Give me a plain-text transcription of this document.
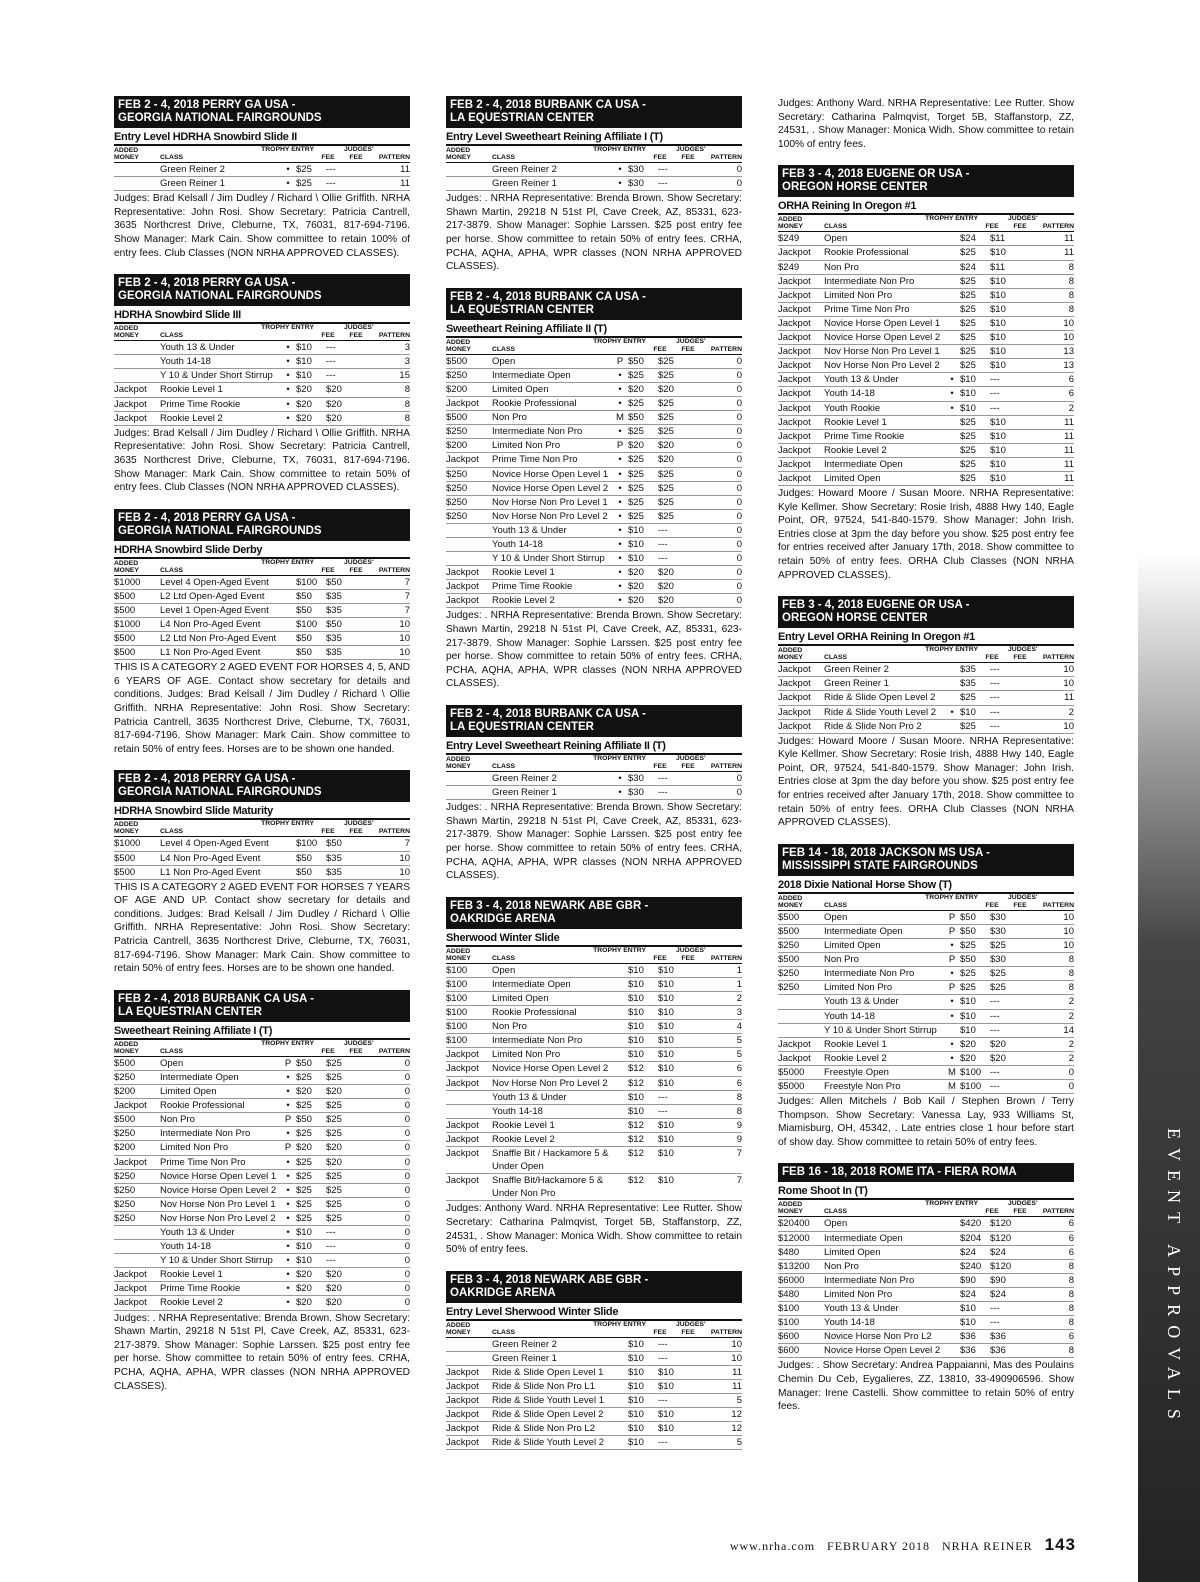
FEB 2 - 4, 2018 PERRY GA USA -
GEORGIA NATIONAL FAIRGROUNDS
Entry Level HDRHA Snowbird Slide II
ADDED
MONEY	CLASS
TROPHY ENTRY
FEE
JUDGES'
FEE	PATTERN
Green Reiner 2	• $25	---	11
Green Reiner 1	• $25	---	11
Judges: Brad Kelsall / Jim Dudley / Richard \ Ollie Griffith. NRHA Representative: John Rosi. Show Secretary: Patricia Cantrell, 3635 Northcrest Drive, Cleburne, TX, 76031, 817-694-7196. Show Manager: Mark Cain. Show committee to retain 100% of entry fees. Club Classes (NON NRHA APPROVED CLASSES).
FEB 2 - 4, 2018 PERRY GA USA -
GEORGIA NATIONAL FAIRGROUNDS
HDRHA Snowbird Slide III
ADDED
MONEY	CLASS
TROPHY ENTRY
FEE
JUDGES'
FEE	PATTERN
Youth 13 & Under	• $10	---	3
Youth 14-18	• $10	---	3
Y 10 & Under Short Stirrup	• $10	---	15
Jackpot	Rookie Level 1	• $20	$20	8
Jackpot	Prime Time Rookie	• $20	$20	8
Jackpot	Rookie Level 2	• $20	$20	8
Judges: Brad Kelsall / Jim Dudley / Richard \ Ollie Griffith. NRHA Representative: John Rosi. Show Secretary: Patricia Cantrell, 3635 Northcrest Drive, Cleburne, TX, 76031, 817-694-7196. Show Manager: Mark Cain. Show committee to retain 50% of entry fees. Club Classes (NON NRHA APPROVED CLASSES).
FEB 2 - 4, 2018 PERRY GA USA -
GEORGIA NATIONAL FAIRGROUNDS
HDRHA Snowbird Slide Derby
ADDED
MONEY	CLASS
TROPHY ENTRY
FEE
JUDGES'
FEE	PATTERN
$1000	Level 4 Open-Aged Event	$100 $50	7
$500	L2 Ltd Open-Aged Event	$50	$35	7
$500	Level 1 Open-Aged Event	$50	$35	7
$1000	L4 Non Pro-Aged Event	$100 $50	10
$500	L2 Ltd Non Pro-Aged Event	$50	$35	10
$500	L1 Non Pro-Aged Event	$50	$35	10
THIS IS A CATEGORY 2 AGED EVENT FOR HORSES 4, 5, AND 6 YEARS OF AGE. Contact show secretary for details and conditions. Judges: Brad Kelsall / Jim Dudley / Richard \ Ollie Griffith. NRHA Representative: John Rosi. Show Secretary: Patricia Cantrell, 3635 Northcrest Drive, Cleburne, TX, 76031, 817-694-7196. Show Manager: Mark Cain. Show committee to retain 50% of entry fees. Horses are to be shown one handed.
FEB 2 - 4, 2018 PERRY GA USA -
GEORGIA NATIONAL FAIRGROUNDS
HDRHA Snowbird Slide Maturity
ADDED
MONEY	CLASS
TROPHY ENTRY
FEE
JUDGES'
FEE	PATTERN
$1000	Level 4 Open-Aged Event	$100 $50	7
$500	L4 Non Pro-Aged Event	$50	$35	10
$500	L1 Non Pro-Aged Event	$50	$35	10
THIS IS A CATEGORY 2 AGED EVENT FOR HORSES 7 YEARS OF AGE AND UP. Contact show secretary for details and conditions. Judges: Brad Kelsall / Jim Dudley / Richard \ Ollie Griffith. NRHA Representative: John Rosi. Show Secretary: Patricia Cantrell, 3635 Northcrest Drive, Cleburne, TX, 76031, 817-694-7196. Show Manager: Mark Cain. Show committee to retain 50% of entry fees. Horses are to be shown one handed.
FEB 2 - 4, 2018 BURBANK CA USA -
LA EQUESTRIAN CENTER
Sweetheart Reining Affiliate I (T)
ADDED
MONEY	CLASS
TROPHY ENTRY
FEE
JUDGES'
FEE	PATTERN
$500	Open	P $50	$25	0
$250	Intermediate Open	• $25	$25	0
$200	Limited Open	• $20	$20	0
Jackpot	Rookie Professional	• $25	$25	0
$500	Non Pro	P $50	$25	0
$250	Intermediate Non Pro	• $25	$25	0
$200	Limited Non Pro	P $20	$20	0
Jackpot	Prime Time Non Pro	• $25	$20	0
$250	Novice Horse Open Level 1	• $25	$25	0
$250	Novice Horse Open Level 2	• $25	$25	0
$250	Nov Horse Non Pro Level 1	• $25	$25	0
$250	Nov Horse Non Pro Level 2	• $25	$25	0
Youth 13 & Under	• $10	---	0
Youth 14-18	• $10	---	0
Y 10 & Under Short Stirrup	• $10	---	0
Jackpot	Rookie Level 1	• $20	$20	0
Jackpot	Prime Time Rookie	• $20	$20	0
Jackpot	Rookie Level 2	• $20	$20	0
Judges: . NRHA Representative: Brenda Brown. Show Secretary: Shawn Martin, 29218 N 51st Pl, Cave Creek, AZ, 85331, 623-217-3879. Show Manager: Sophie Larssen. $25 post entry fee per horse. Show committee to retain 50% of entry fees. CRHA, PCHA, AQHA, APHA, WPR classes (NON NRHA APPROVED CLASSES).
FEB 2 - 4, 2018 BURBANK CA USA -
LA EQUESTRIAN CENTER
Entry Level Sweetheart Reining Affiliate I (T)
ADDED
MONEY	CLASS
TROPHY ENTRY
FEE
JUDGES'
FEE	PATTERN
Green Reiner 2	• $30	---	0
Green Reiner 1	• $30	---	0
Judges: . NRHA Representative: Brenda Brown. Show Secretary: Shawn Martin, 29218 N 51st Pl, Cave Creek, AZ, 85331, 623-217-3879. Show Manager: Sophie Larssen. $25 post entry fee per horse. Show committee to retain 50% of entry fees. CRHA, PCHA, AQHA, APHA, WPR classes (NON NRHA APPROVED CLASSES).
FEB 2 - 4, 2018 BURBANK CA USA -
LA EQUESTRIAN CENTER
Sweetheart Reining Affiliate II (T)
ADDED
MONEY	CLASS
TROPHY ENTRY
FEE
JUDGES'
FEE	PATTERN
$500	Open	P $50	$25	0
$250	Intermediate Open	• $25	$25	0
$200	Limited Open	• $20	$20	0
Jackpot	Rookie Professional	• $25	$25	0
$500	Non Pro	M $50	$25	0
$250	Intermediate Non Pro	• $25	$25	0
$200	Limited Non Pro	P $20	$20	0
Jackpot	Prime Time Non Pro	• $25	$20	0
$250	Novice Horse Open Level 1	• $25	$25	0
$250	Novice Horse Open Level 2	• $25	$25	0
$250	Nov Horse Non Pro Level 1	• $25	$25	0
$250	Nov Horse Non Pro Level 2	• $25	$25	0
Youth 13 & Under	• $10	---	0
Youth 14-18	• $10	---	0
Y 10 & Under Short Stirrup	• $10	---	0
Jackpot	Rookie Level 1	• $20	$20	0
Jackpot	Prime Time Rookie	• $20	$20	0
Jackpot	Rookie Level 2	• $20	$20	0
Judges: . NRHA Representative: Brenda Brown. Show Secretary: Shawn Martin, 29218 N 51st Pl, Cave Creek, AZ, 85331, 623-217-3879. Show Manager: Sophie Larssen. $25 post entry fee per horse. Show committee to retain 50% of entry fees. CRHA, PCHA, AQHA, APHA, WPR classes (NON NRHA APPROVED CLASSES).
FEB 2 - 4, 2018 BURBANK CA USA -
LA EQUESTRIAN CENTER
Entry Level Sweetheart Reining Affiliate II (T)
ADDED
MONEY	CLASS
TROPHY ENTRY
FEE
JUDGES'
FEE	PATTERN
Green Reiner 2	• $30	---	0
Green Reiner 1	• $30	---	0
Judges: . NRHA Representative: Brenda Brown. Show Secretary: Shawn Martin, 29218 N 51st Pl, Cave Creek, AZ, 85331, 623-217-3879. Show Manager: Sophie Larssen. $25 post entry fee per horse. Show committee to retain 50% of entry fees. CRHA, PCHA, AQHA, APHA, WPR classes (NON NRHA APPROVED CLASSES).
FEB 3 - 4, 2018 NEWARK ABE GBR -
OAKRIDGE ARENA
Sherwood Winter Slide
ADDED
MONEY	CLASS
TROPHY ENTRY
FEE
JUDGES'
FEE	PATTERN
$100	Open	$10	$10	1
$100	Intermediate Open	$10	$10	1
$100	Limited Open	$10	$10	2
$100	Rookie Professional	$10	$10	3
$100	Non Pro	$10	$10	4
$100	Intermediate Non Pro	$10	$10	5
Jackpot	Limited Non Pro	$10	$10	5
Jackpot	Novice Horse Open Level 2	$12	$10	6
Jackpot	Nov Horse Non Pro Level 2	$12	$10	6
Youth 13 & Under	$10	---	8
Youth 14-18	$10	---	8
Jackpot	Rookie Level 1	$12	$10	9
Jackpot	Rookie Level 2	$12	$10	9
Jackpot	Snaffle Bit / Hackamore 5 & Under Open
$12	$10	7
Jackpot	Snaffle Bit/Hackamore 5 & Under Non Pro
$12	$10	7
Judges: Anthony Ward. NRHA Representative: Lee Rutter. Show Secretary: Catharina Palmqvist, Torget 5B, Staffanstorp, ZZ, 24531, . Show Manager: Monica Widh. Show committee to retain 50% of entry fees.
FEB 3 - 4, 2018 NEWARK ABE GBR -
OAKRIDGE ARENA
Entry Level Sherwood Winter Slide
ADDED
MONEY	CLASS
TROPHY ENTRY
FEE
JUDGES'
FEE	PATTERN
Green Reiner 2	$10	---	10
Green Reiner 1	$10	---	10
Jackpot	Ride & Slide Open Level 1	$10	$10	11
Jackpot	Ride & Slide Non Pro L1	$10	$10	11
Jackpot	Ride & Slide Youth Level 1	$10	---	5
Jackpot	Ride & Slide Open Level 2	$10	$10	12
Jackpot	Ride & Slide Non Pro L2	$10	$10	12
Jackpot	Ride & Slide Youth Level 2	$10	---	5
Judges: Anthony Ward. NRHA Representative: Lee Rutter. Show Secretary: Catharina Palmqvist, Torget 5B, Staffanstorp, ZZ, 24531, . Show Manager: Monica Widh. Show committee to retain 100% of entry fees.
FEB 3 - 4, 2018 EUGENE OR USA -
OREGON HORSE CENTER
ORHA Reining In Oregon #1
ADDED
MONEY	CLASS
TROPHY ENTRY
FEE
JUDGES'
FEE	PATTERN
$249	Open	$24	$11	11
Jackpot	Rookie Professional	$25	$10	11
$249	Non Pro	$24	$11	8
Jackpot	Intermediate Non Pro	$25	$10	8
Jackpot	Limited Non Pro	$25	$10	8
Jackpot	Prime Time Non Pro	$25	$10	8
Jackpot	Novice Horse Open Level 1	$25	$10	10
Jackpot	Novice Horse Open Level 2	$25	$10	10
Jackpot	Nov Horse Non Pro Level 1	$25	$10	13
Jackpot	Nov Horse Non Pro Level 2	$25	$10	13
Jackpot	Youth 13 & Under	• $10	---	6
Jackpot	Youth 14-18	• $10	---	6
Jackpot	Youth Rookie	• $10	---	2
Jackpot	Rookie Level 1	$25	$10	11
Jackpot	Prime Time Rookie	$25	$10	11
Jackpot	Rookie Level 2	$25	$10	11
Jackpot	Intermediate Open	$25	$10	11
Jackpot	Limited Open	$25	$10	11
Judges: Howard Moore / Susan Moore. NRHA Representative: Kyle Kellmer. Show Secretary: Rosie Irish, 4888 Hwy 140, Eagle Point, OR, 97524, 541-840-1579. Show Manager: John Irish. Entries close at 3pm the day before you show. $25 post entry fee for entries received after January 17th, 2018. Show committee to retain 50% of entry fees. ORHA Club Classes (NON NRHA APPROVED CLASSES).
FEB 3 - 4, 2018 EUGENE OR USA -
OREGON HORSE CENTER
Entry Level ORHA Reining In Oregon #1
ADDED
MONEY	CLASS
TROPHY ENTRY
FEE
JUDGES'
FEE	PATTERN
Jackpot	Green Reiner 2	$35	---	10
Jackpot	Green Reiner 1	$35	---	10
Jackpot	Ride & Slide Open Level 2	$25	---	11
Jackpot	Ride & Slide Youth Level 2	• $10	---	2
Jackpot	Ride & Slide Non Pro 2	$25	---	10
Judges: Howard Moore / Susan Moore. NRHA Representative: Kyle Kellmer. Show Secretary: Rosie Irish, 4888 Hwy 140, Eagle Point, OR, 97524, 541-840-1579. Show Manager: John Irish. Entries close at 3pm the day before you show. $25 post entry fee for entries received after January 17th, 2018. Show committee to retain 50% of entry fees. ORHA Club Classes (NON NRHA APPROVED CLASSES).
FEB 14 - 18, 2018 JACKSON MS USA -
MISSISSIPPI STATE FAIRGROUNDS
2018 Dixie National Horse Show (T)
ADDED
MONEY	CLASS
TROPHY ENTRY
FEE
JUDGES'
FEE	PATTERN
$500	Open	P $50	$30	10
$500	Intermediate Open	P $50	$30	10
$250	Limited Open	• $25	$25	10
$500	Non Pro	P $50	$30	8
$250	Intermediate Non Pro	• $25	$25	8
$250	Limited Non Pro	P $25	$25	8
Youth 13 & Under	• $10	---	2
Youth 14-18	• $10	---	2
Y 10 & Under Short Stirrup	$10	---	14
Jackpot	Rookie Level 1	• $20	$20	2
Jackpot	Rookie Level 2	• $20	$20	2
$5000	Freestyle Open	M $100 ---	0
$5000	Freestyle Non Pro	M $100 ---	0
Judges: Allen Mitchels / Bob Kail / Stephen Brown / Terry Thompson. Show Secretary: Vanessa Lay, 933 Williams St, Miamisburg, OH, 45342, . Late entries close 1 hour before start of show day. Show committee to retain 50% of entry fees.
FEB 16 - 18, 2018 ROME ITA - FIERA ROMA
Rome Shoot In (T)
ADDED
MONEY	CLASS
TROPHY ENTRY
FEE
JUDGES'
FEE	PATTERN
$20400	Open	$420 $120	6
$12000	Intermediate Open	$204 $120	6
$480	Limited Open	$24	$24	6
$13200	Non Pro	$240 $120	8
$6000	Intermediate Non Pro	$90	$90	8
$480	Limited Non Pro	$24	$24	8
$100	Youth 13 & Under	$10	---	8
$100	Youth 14-18	$10	---	8
$600	Novice Horse Non Pro L2	$36	$36	6
$600	Novice Horse Open Level 2	$36	$36	8
Judges: . Show Secretary: Andrea Pappaianni, Mas des Poulains Chemin Du Ceb, Eygalieres, ZZ, 13810, 33-490906596. Show Manager: Irene Castelli. Show committee to retain 50% of entry fees.	EVENT APPROVALS
www.nrha.com FEBRUARY 2018 NRHA REINER 143
